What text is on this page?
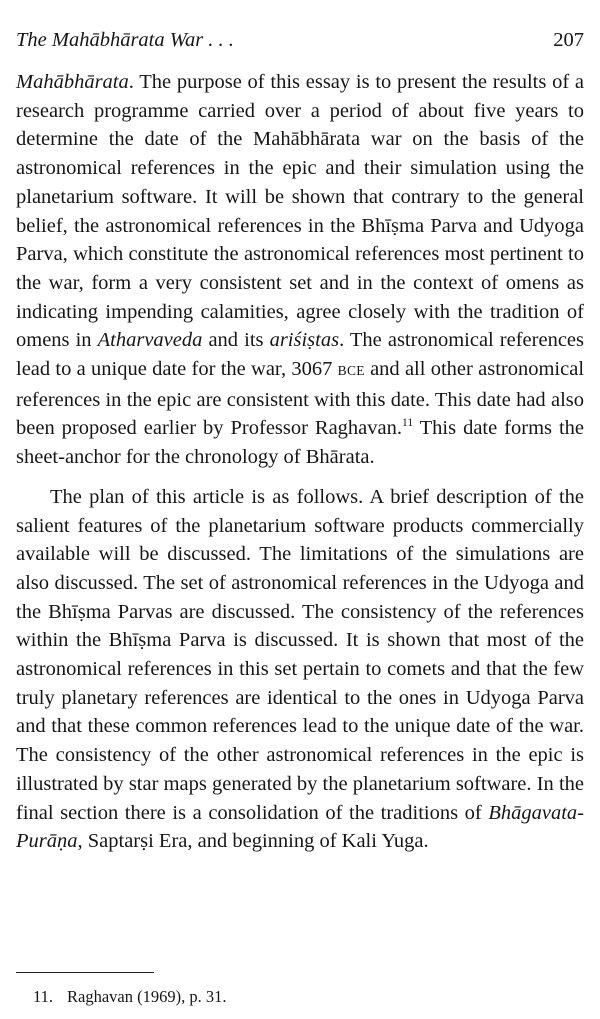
The Mahābhārata War . . .	207

Mahābhārata. The purpose of this essay is to present the results of a research programme carried over a period of about five years to determine the date of the Mahābhārata war on the basis of the astronomical references in the epic and their simulation using the planetarium software. It will be shown that contrary to the general belief, the astronomical references in the Bhīṣma Parva and Udyoga Parva, which constitute the astronomical references most pertinent to the war, form a very consistent set and in the context of omens as indicating impending calamities, agree closely with the tradition of omens in Atharvaveda and its ariśiṣtas. The astronomical references lead to a unique date for the war, 3067 BCE and all other astronomical references in the epic are consistent with this date. This date had also been proposed earlier by Professor Raghavan.$^{11}$ This date forms the sheet-anchor for the chronology of Bhārata.

The plan of this article is as follows. A brief description of the salient features of the planetarium software products commercially available will be discussed. The limitations of the simulations are also discussed. The set of astronomical references in the Udyoga and the Bhīṣma Parvas are discussed. The consistency of the references within the Bhīṣma Parva is discussed. It is shown that most of the astronomical references in this set pertain to comets and that the few truly planetary references are identical to the ones in Udyoga Parva and that these common references lead to the unique date of the war. The consistency of the other astronomical references in the epic is illustrated by star maps generated by the planetarium software. In the final section there is a consolidation of the traditions of Bhāgavata-Purāṇa, Saptarṣi Era, and beginning of Kali Yuga.

11. Raghavan (1969), p. 31.
